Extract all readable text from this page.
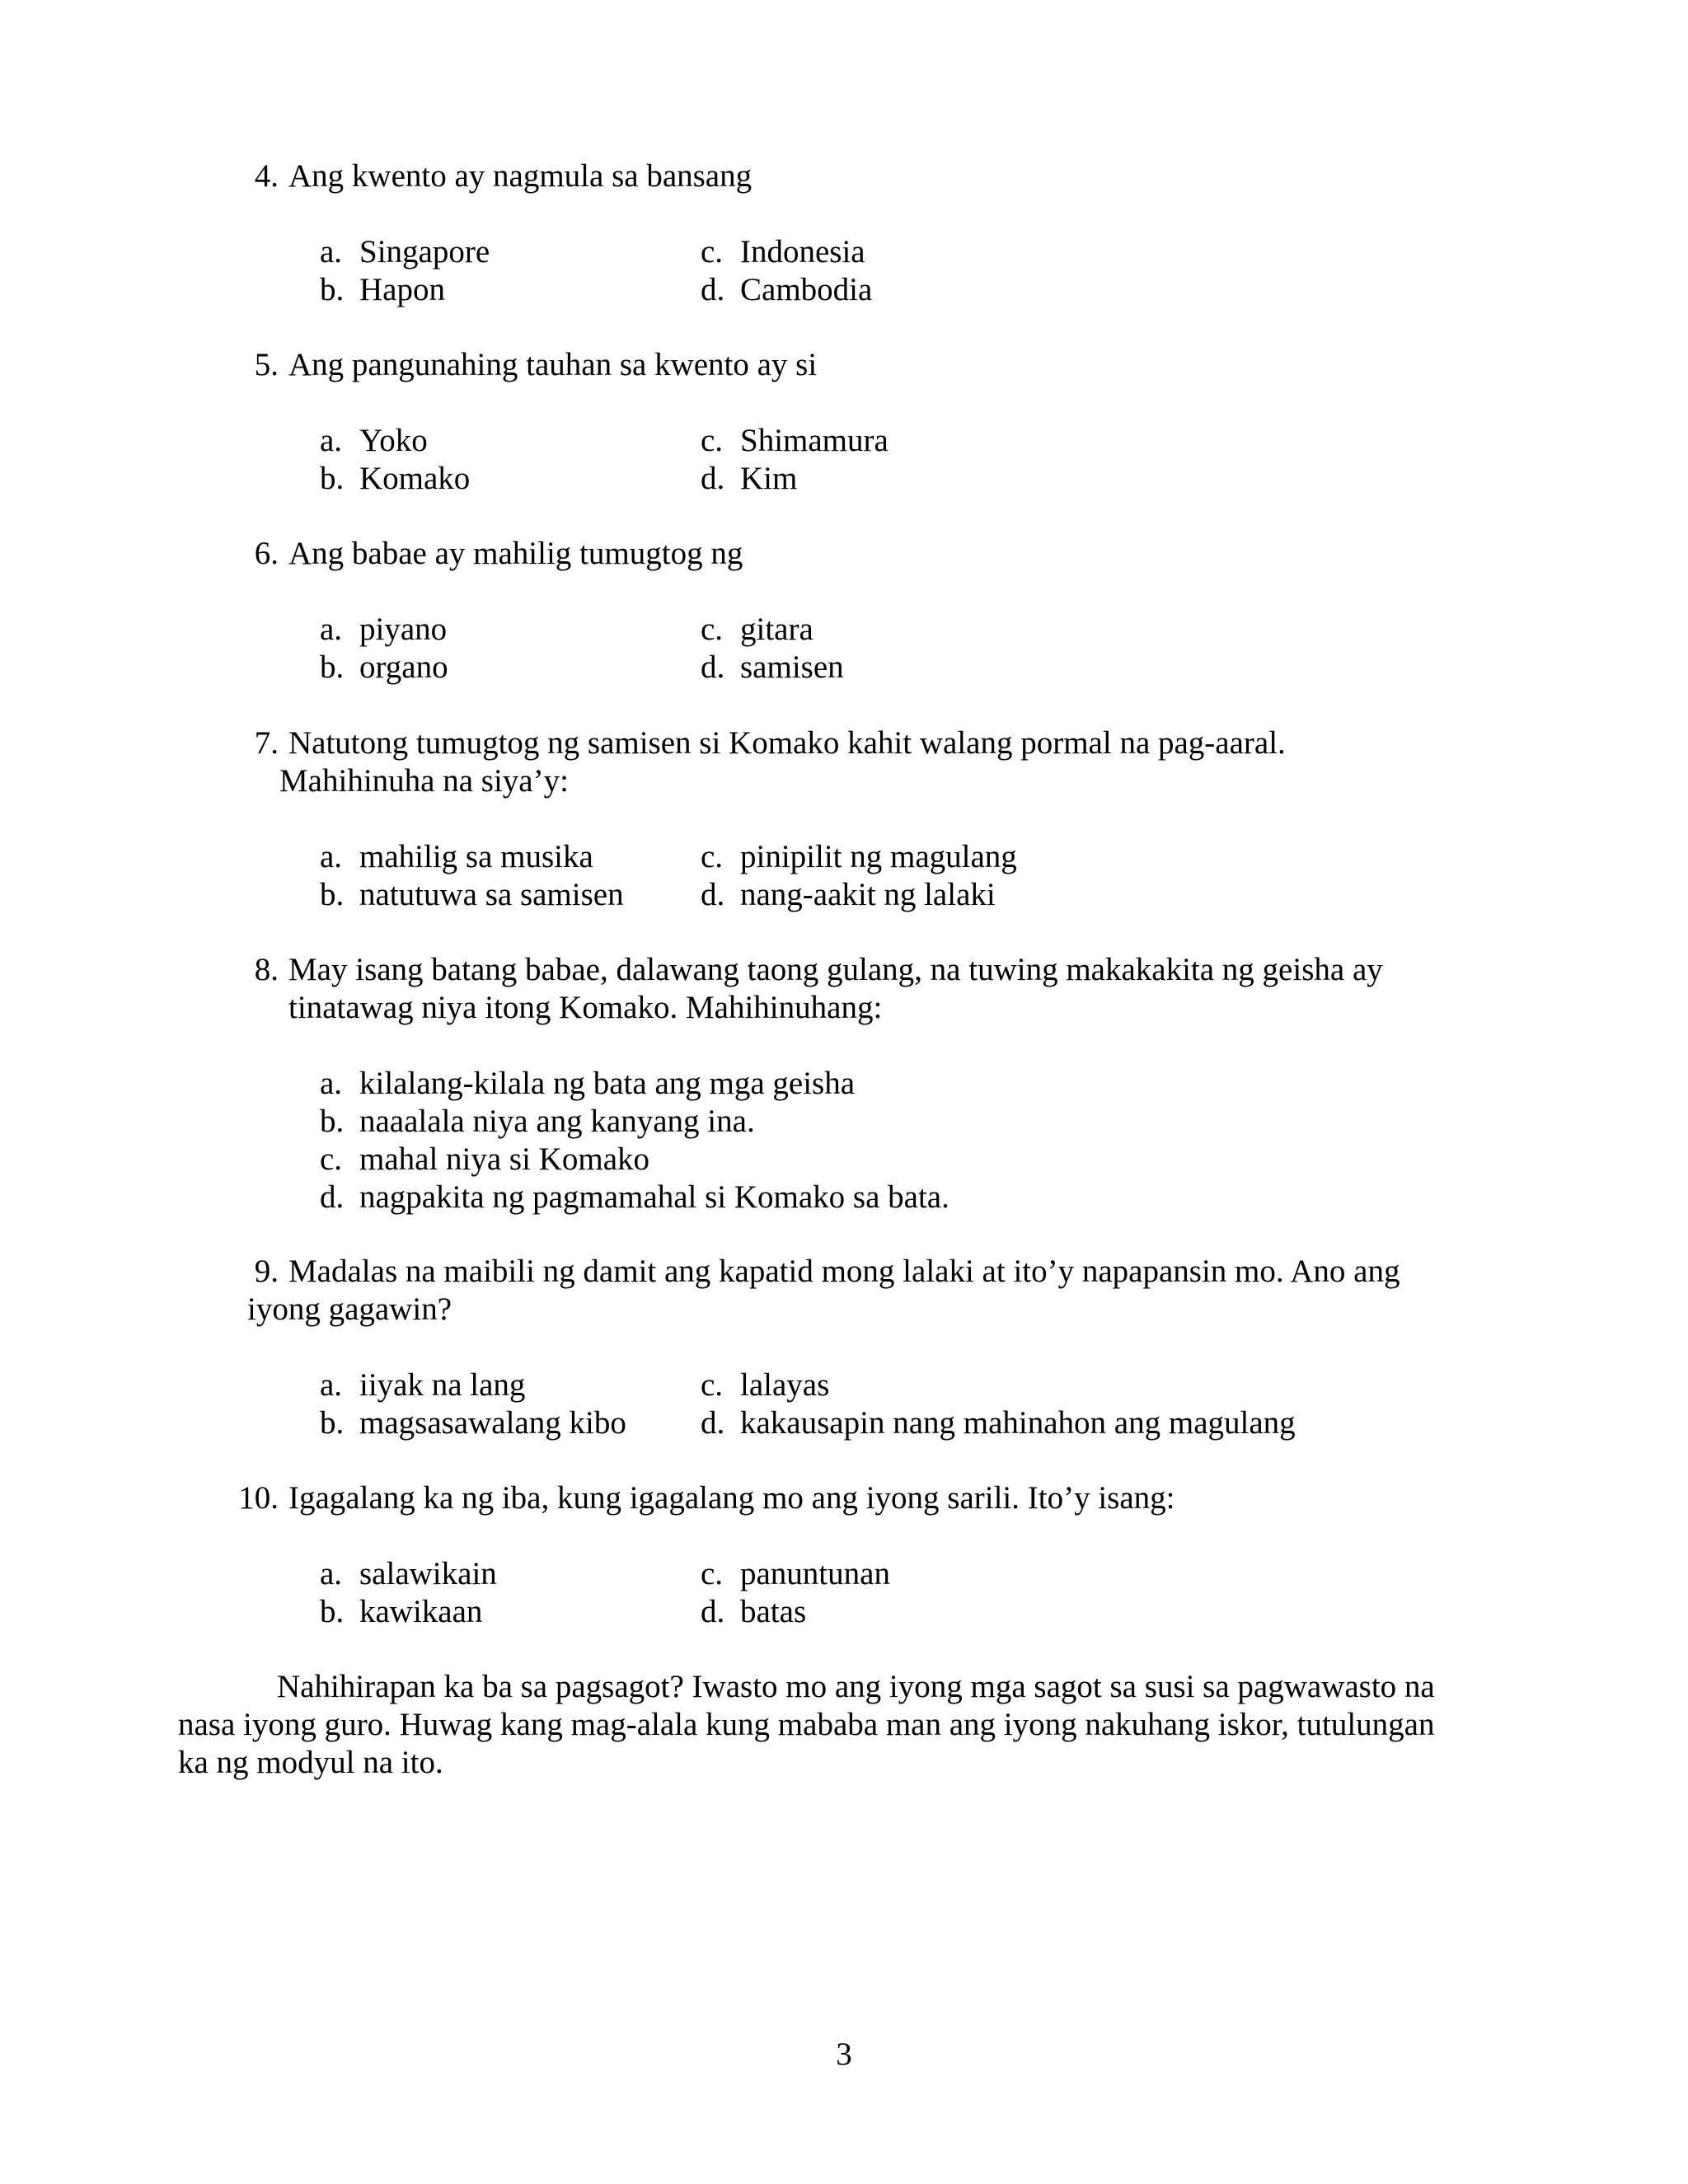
4. Ang kwento ay nagmula sa bansang
a. Singapore	c. Indonesia
b. Hapon	d. Cambodia
5. Ang pangunahing tauhan sa kwento ay si
a. Yoko	c. Shimamura
b. Komako	d. Kim
6. Ang babae ay mahilig tumugtog ng
a. piyano	c. gitara
b. organo	d. samisen
7. Natutong tumugtog ng samisen si Komako kahit walang pormal na pag-aaral.
Mahihinuha na siya’y:
a. mahilig sa musika	c. pinipilit ng magulang
b. natutuwa sa samisen	d. nang-aakit ng lalaki
8. May isang batang babae, dalawang taong gulang, na tuwing makakakita ng geisha ay
tinatawag niya itong Komako. Mahihinuhang:
a. kilalang-kilala ng bata ang mga geisha
b. naaalala niya ang kanyang ina.
c. mahal niya si Komako
d. nagpakita ng pagmamahal si Komako sa bata.
9. Madalas na maibili ng damit ang kapatid mong lalaki at ito’y napapansin mo. Ano ang
iyong gagawin?
a. iiyak na lang	c. lalayas
b. magsasawalang kibo	d. kakausapin nang mahinahon ang magulang
10. Igagalang ka ng iba, kung igagalang mo ang iyong sarili. Ito’y isang:
a. salawikain	c. panuntunan
b. kawikaan	d. batas
Nahihirapan ka ba sa pagsagot? Iwasto mo ang iyong mga sagot sa susi sa pagwawasto na
nasa iyong guro. Huwag kang mag-alala kung mababa man ang iyong nakuhang iskor, tutulungan
ka ng modyul na ito.
3
